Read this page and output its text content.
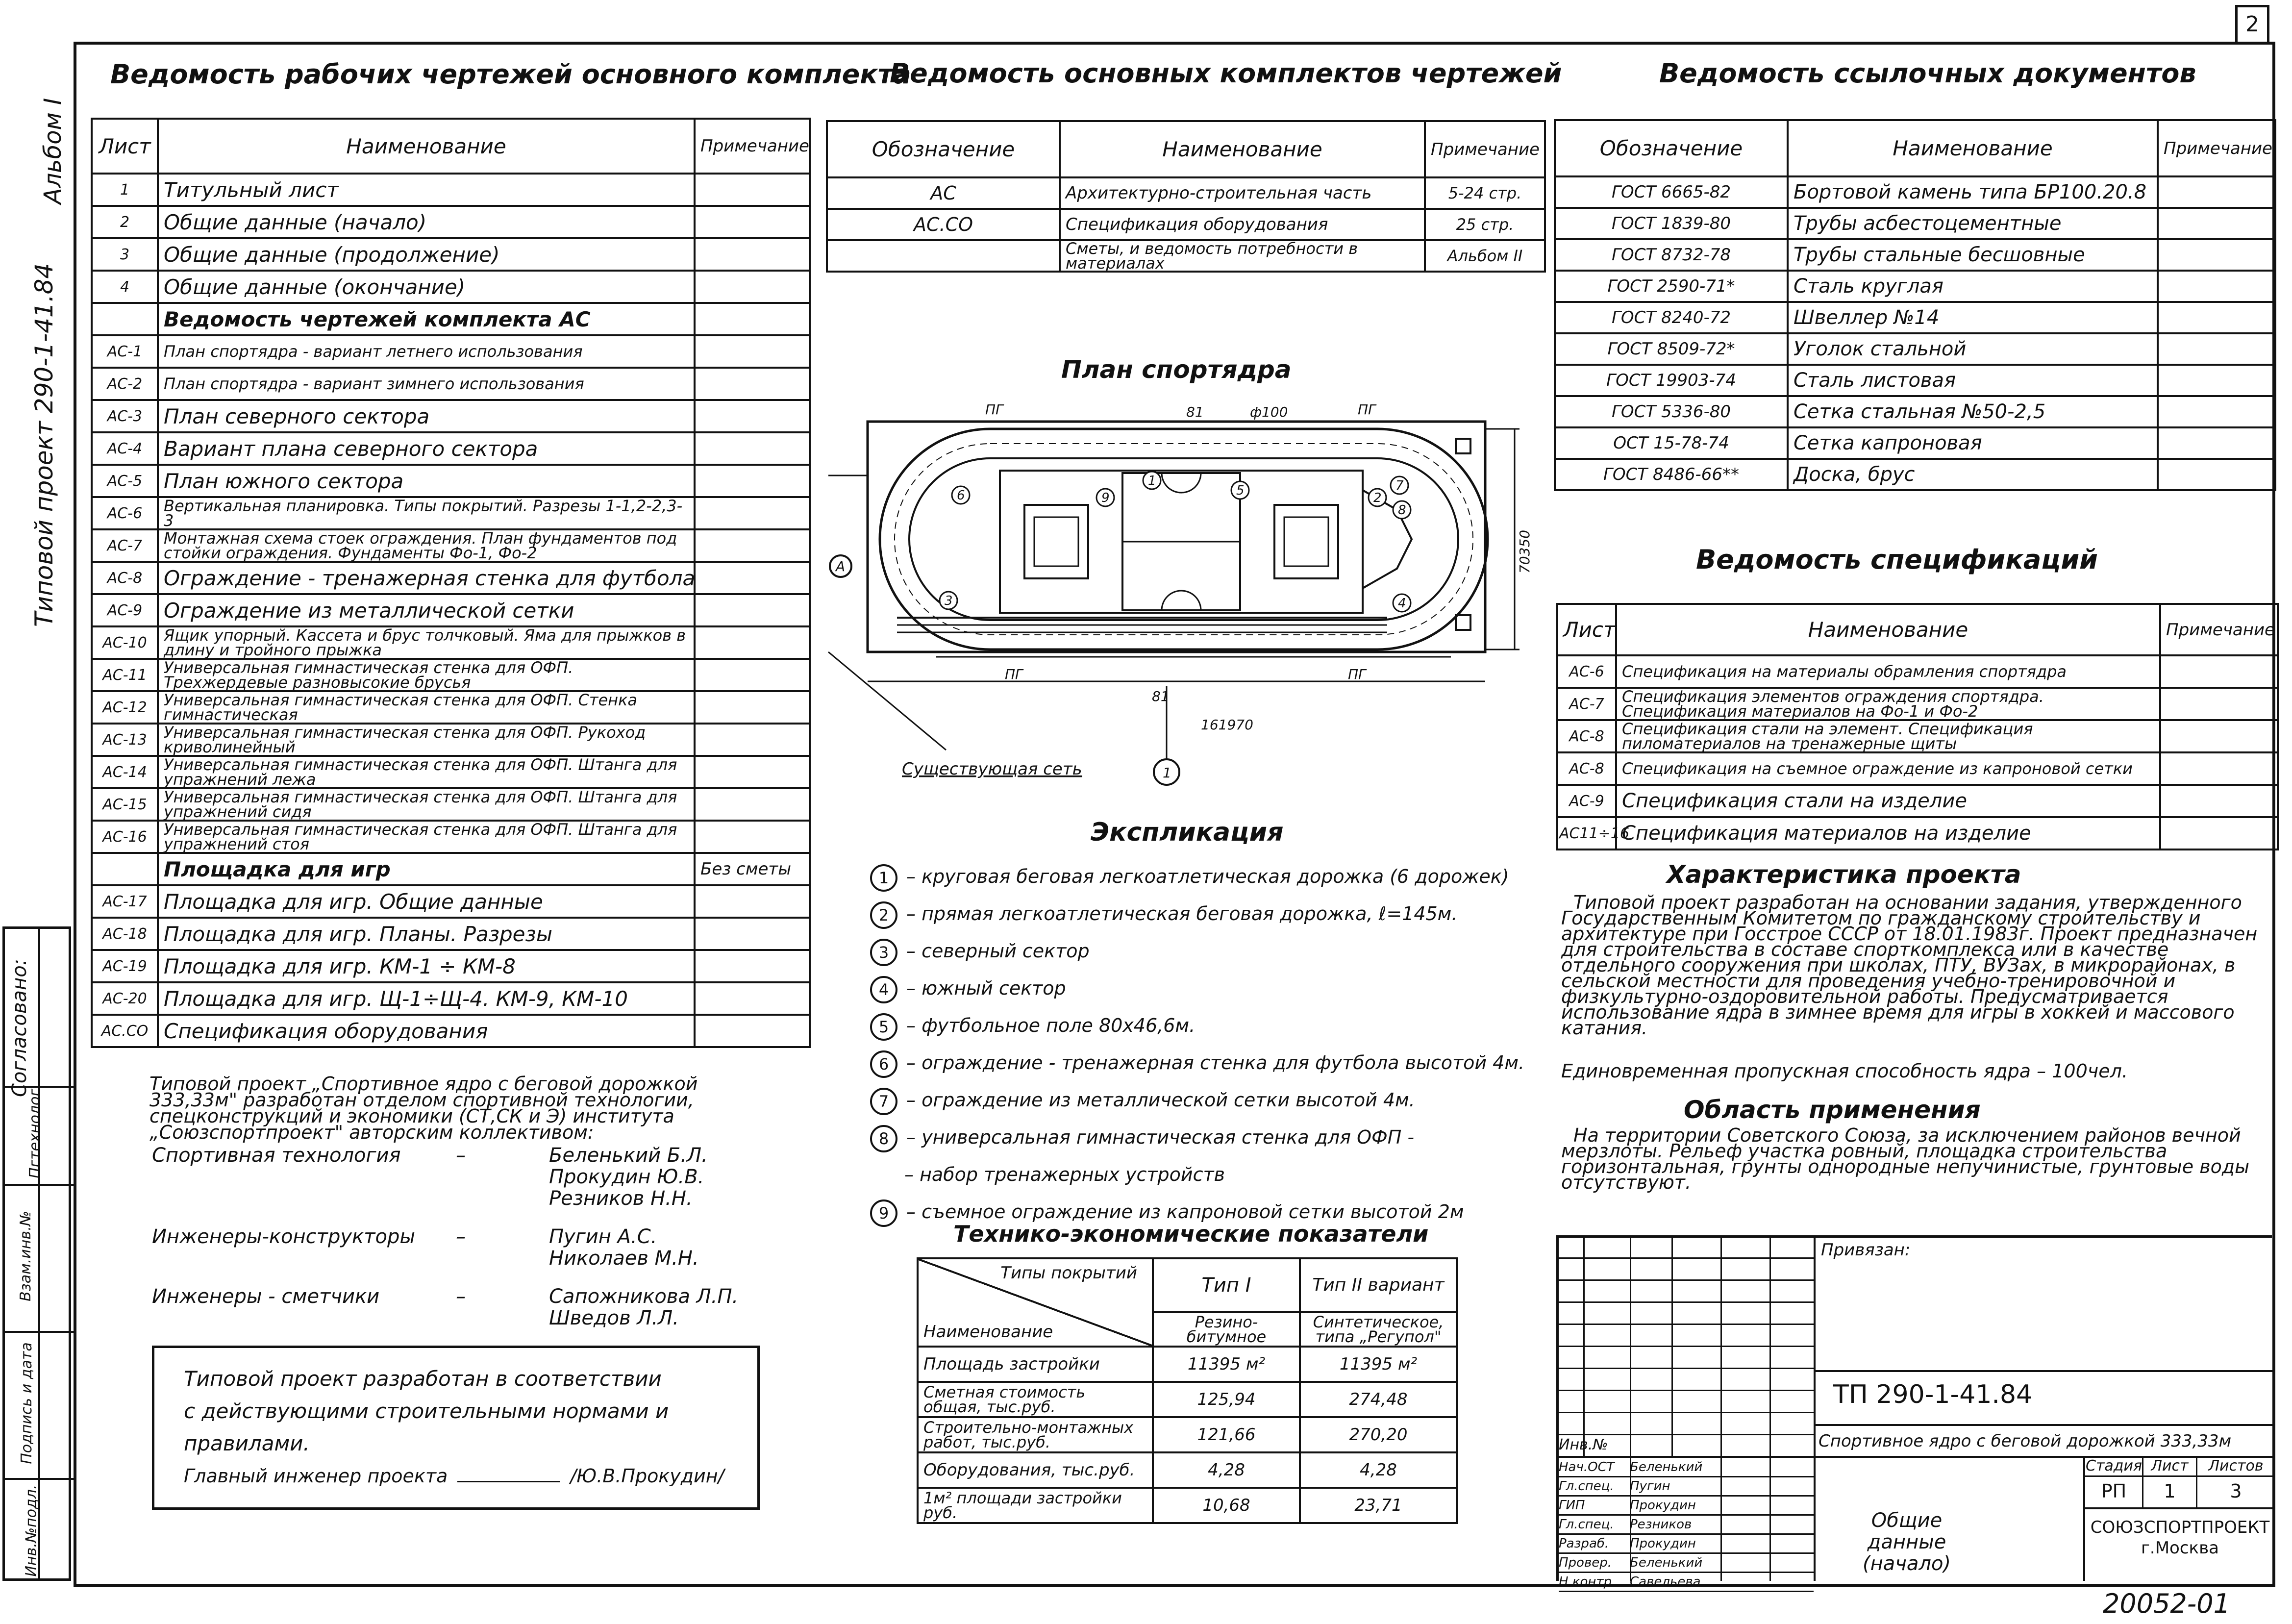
2
Альбом I
Типовой проект 290-1-41.84
Согласовано:
Пгтехнолог
Инв.№подл.
Подпись и дата
Взам.инв.№
Ведомость рабочих чертежей основного комплекта
Лист	Наименование	Примечание
1	Титульный лист	
2	Общие данные (начало)	
3	Общие данные (продолжение)	
4	Общие данные (окончание)	
	Ведомость чертежей комплекта АС	
АС-1	План спортядра - вариант летнего использования	
АС-2	План спортядра - вариант зимнего использования	
АС-3	План северного сектора	
АС-4	Вариант плана северного сектора	
АС-5	План южного сектора	
АС-6	Вертикальная планировка. Типы покрытий. Разрезы 1-1,2-2,3-3	
АС-7	Монтажная схема стоек ограждения. План фундаментов под стойки ограждения. Фундаменты Фо-1, Фо-2	
АС-8	Ограждение - тренажерная стенка для футбола	
АС-9	Ограждение из металлической сетки	
АС-10	Ящик упорный. Кассета и брус толчковый. Яма для прыжков в длину и тройного прыжка	
АС-11	Универсальная гимнастическая стенка для ОФП. Трехжердевые разновысокие брусья	
АС-12	Универсальная гимнастическая стенка для ОФП. Стенка гимнастическая	
АС-13	Универсальная гимнастическая стенка для ОФП. Рукоход криволинейный	
АС-14	Универсальная гимнастическая стенка для ОФП. Штанга для упражнений лежа	
АС-15	Универсальная гимнастическая стенка для ОФП. Штанга для упражнений сидя	
АС-16	Универсальная гимнастическая стенка для ОФП. Штанга для упражнений стоя	
	Площадка для игр	Без сметы
АС-17	Площадка для игр. Общие данные	
АС-18	Площадка для игр. Планы. Разрезы	
АС-19	Площадка для игр. КМ-1 ÷ КМ-8	
АС-20	Площадка для игр. Щ-1÷Щ-4. КМ-9, КМ-10	
АС.СО	Спецификация оборудования	
Ведомость основных комплектов чертежей
Обозначение	Наименование	Примечание
АС	Архитектурно-строительная часть	5-24 стр.
АС.СО	Спецификация оборудования	25 стр.
	Сметы, и ведомость потребности в материалах	Альбом II
Ведомость ссылочных документов
Обозначение	Наименование	Примечание
ГОСТ 6665-82	Бортовой камень типа БР100.20.8	
ГОСТ 1839-80	Трубы асбестоцементные	
ГОСТ 8732-78	Трубы стальные бесшовные	
ГОСТ 2590-71*	Сталь круглая	
ГОСТ 8240-72	Швеллер №14	
ГОСТ 8509-72*	Уголок стальной	
ГОСТ 19903-74	Сталь листовая	
ГОСТ 5336-80	Сетка стальная №50-2,5	
ОСТ 15-78-74	Сетка капроновая	
ГОСТ 8486-66**	Доска, брус	
Ведомость спецификаций
Лист	Наименование	Примечание
АС-6	Спецификация на материалы обрамления спортядра	
АС-7	Спецификация элементов ограждения спортядра. Спецификация материалов на Фо-1 и Фо-2	
АС-8	Спецификация стали на элемент. Спецификация пиломатериалов на тренажерные щиты	
АС-8	Спецификация на съемное ограждение из капроновой сетки	
АС-9	Спецификация стали на изделие	
АС11÷16	Спецификация материалов на изделие	
План спортядра
81
81
ф100
ПГ	ПГ
ПГ	ПГ
161970
70350
Существующая сеть
А
1
1
2
3	4
5
6
7
8
9
Экспликация
1 – круговая беговая легкоатлетическая дорожка (6 дорожек)
2 – прямая легкоатлетическая беговая дорожка, ℓ=145м.
3 – северный сектор
4 – южный сектор
5 – футбольное поле 80х46,6м.
6 – ограждение - тренажерная стенка для футбола высотой 4м.
7 – ограждение из металлической сетки высотой 4м.
8 – универсальная гимнастическая стенка для ОФП -
– набор тренажерных устройств
9 – съемное ограждение из капроновой сетки высотой 2м
Технико-экономические показатели
Типы покрытий
Наименование	Тип I	Тип II вариант
	Резино-битумное	Синтетическое, типа „Регупол"
Площадь застройки	11395 м²	11395 м²
Сметная стоимость общая, тыс.руб.	125,94	274,48
Строительно-монтажных работ, тыс.руб.	121,66	270,20
Оборудования, тыс.руб.	4,28	4,28
1м² площади застройки руб.	10,68	23,71
Типовой проект „Спортивное ядро с беговой дорожкой 333,33м" разработан отделом спортивной технологии, спецконструкций и экономики (СТ,СК и Э) института „Союзспортпроект" авторским коллективом:
Спортивная технология	–	Беленький Б.Л.
Прокудин Ю.В.
Резников Н.Н.
Инженеры-конструкторы	–	Пугин А.С.
Николаев М.Н.
Инженеры - сметчики	–	Сапожникова Л.П.
Шведов Л.Л.
Типовой проект разработан в соответствии
с действующими строительными нормами и
правилами.
Главный инженер проекта	/Ю.В.Прокудин/
Характеристика проекта
Типовой проект разработан на основании задания, утвержденного Государственным Комитетом по гражданскому строительству и архитектуре при Госстрое СССР от 18.01.1983г. Проект предназначен для строительства в составе спорткомплекса или в качестве отдельного сооружения при школах, ПТУ, ВУЗах, в микрорайонах, в сельской местности для проведения учебно-тренировочной и физкультурно-оздоровительной работы. Предусматривается использование ядра в зимнее время для игры в хоккей и массового катания.
Единовременная пропускная способность ядра – 100чел.
Область применения
На территории Советского Союза, за исключением районов вечной мерзлоты. Рельеф участка ровный, площадка строительства горизонтальная, грунты однородные непучинистые, грунтовые воды отсутствуют.
Привязан:
Инв.№
ТП 290-1-41.84
Спортивное ядро с беговой дорожкой 333,33м
Нач.ОСТ	Беленький
Гл.спец.	Пугин
ГИП	Прокудин
Гл.спец.	Резников
Разраб.	Прокудин
Провер.	Беленький
Н.контр.	Савельева
Стадия Лист	Листов
РП	1	3
Общие данные (начало)
СОЮЗСПОРТПРОЕКТ г.Москва
20052-01
